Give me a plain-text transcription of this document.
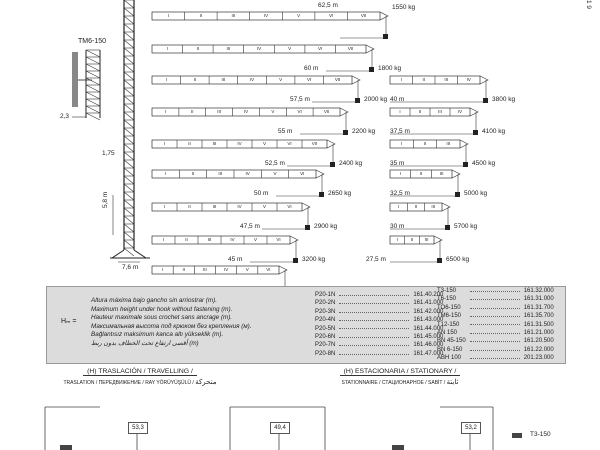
TM6-150
2,3
1,75
5,8 m
7,6 m
1 9
I	II	III	IV	V	VI	VII
62,5 m	1550 kg
I	II	III	IV	V	VI	VII
60 m	1800 kg
I	II	III	IV	V	VI	VII
57,5 m	2000 kg
I	II	III	IV	V	VI	VII
55 m	2200 kg
I	II	III	IV	V	VI	VII
52,5 m	2400 kg
I	II	III	IV	V	VI
50 m	2650 kg
I	II	III	IV	V	VI
47,5 m	2900 kg
I	II	III	IV	V	VI
45 m	3200 kg
I	II	III	IV	V	VI
I	II	III	IV
40 m	3800 kg
I	II	III	IV
37,5 m	4100 kg
I	II	III
35 m	4500 kg
I	II	III
32,5 m	5000 kg
I	II	III
30 m	5700 kg
I	II	III
27,5 m	6500 kg
Hₘ =
Altura máxima bajo gancho sin arriostrar (m).
Maximum height under hook without fastening (m).
Hauteur maximale sous crochet sans ancrage (m).
Максимальная высота под крюком без крепления (м).
Bağlantısız maksimum kanca altı yükseklik (m).
أقصى ارتفاع تحت الخطاف بدون ربط (m)
P20-1N		161.40.200
P20-2N		161.41.000
P20-3N		161.42.000
P20-4N		161.43.000
P20-5N		161.44.000
P20-6N		161.45.000
P20-7N		161.46.000
P20-8N		161.47.000
T3-150		161.32.000
T6-150		161.31.000
TO6-150		161.31.700
TM6-150		161.35.700
T12-150		161.31.500
AN 150		161.21.000
BN 45-150		161.20.500
BN 6-150		161.22.000
ABH 100		201.23.000
(H) TRASLACIÓN / TRAVELLING /
TRASLATION / ПЕРЕДВИЖЕНИЕ / RAY YÖRÜYÜŞÜLÜ / متحركة
(H) ESTACIONARIA / STATIONARY /
STATIONNAIRE / СТАЦИОНАРНОЕ / SABİT / ثابتة
53,3	49,4	53,2
T3-150
